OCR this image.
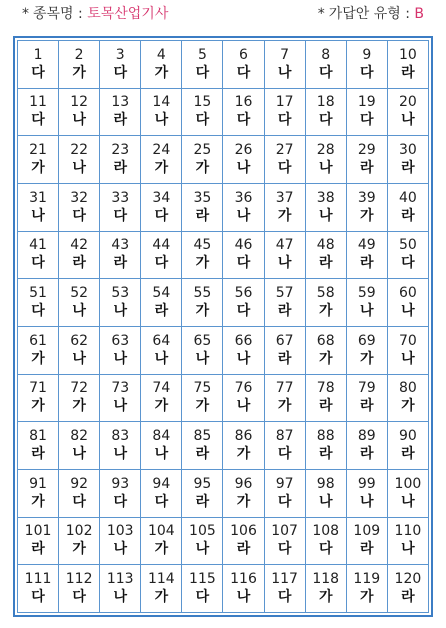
* 종목명 : 토목산업기사	* 가답안 유형 : B
1
다	2
가	3
다	4
가	5
다	6
다	7
나	8
다	9
다	10
라

11
다	12
나	13
라	14
나	15
다	16
다	17
다	18
다	19
다	20
나

21
가	22
나	23
라	24
가	25
가	26
나	27
다	28
나	29
라	30
라

31
나	32
다	33
다	34
다	35
라	36
나	37
가	38
나	39
가	40
라

41
다	42
라	43
라	44
다	45
가	46
다	47
나	48
라	49
라	50
다

51
다	52
나	53
나	54
라	55
가	56
다	57
라	58
가	59
나	60
나

61
가	62
나	63
나	64
나	65
나	66
나	67
라	68
가	69
가	70
나

71
가	72
가	73
나	74
가	75
가	76
나	77
가	78
라	79
라	80
가

81
라	82
나	83
나	84
나	85
라	86
가	87
다	88
라	89
라	90
라

91
가	92
다	93
다	94
다	95
라	96
가	97
다	98
나	99
나	100
나

101
라	102
가	103
나	104
가	105
나	106
라	107
다	108
다	109
라	110
나

111
다	112
다	113
나	114
가	115
다	116
나	117
다	118
가	119
가	120
라
